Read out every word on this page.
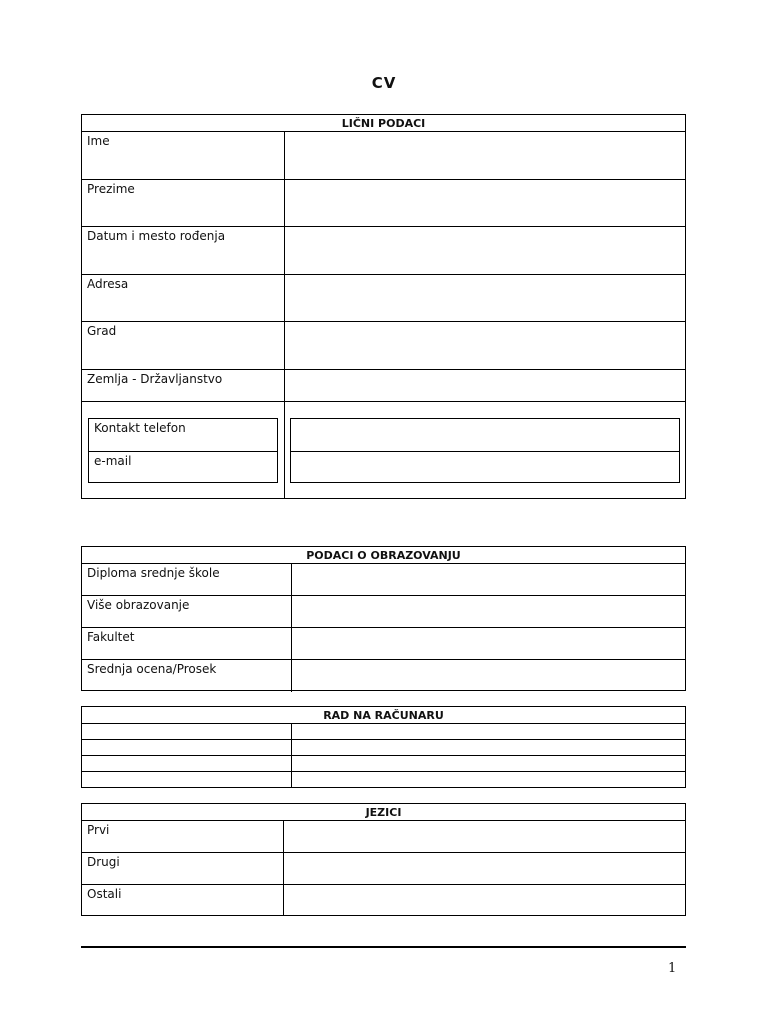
CV
LIČNI PODACI
Ime
Prezime
Datum i mesto rođenja
Adresa
Grad
Zemlja - Državljanstvo
Kontakt telefon
e-mail
PODACI O OBRAZOVANJU
Diploma srednje škole
Više obrazovanje
Fakultet
Srednja ocena/Prosek
RAD NA RAČUNARU
JEZICI
Prvi
Drugi
Ostali
1
